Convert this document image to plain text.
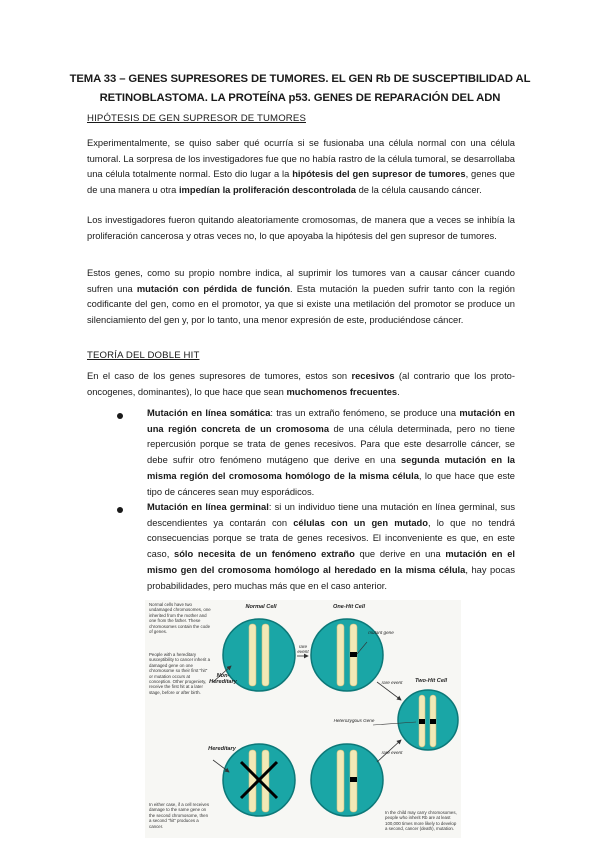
TEMA 33 – GENES SUPRESORES DE TUMORES. EL GEN Rb DE SUSCEPTIBILIDAD AL
RETINOBLASTOMA. LA PROTEÍNA p53. GENES DE REPARACIÓN DEL ADN
HIPÓTESIS DE GEN SUPRESOR DE TUMORES

Experimentalmente, se quiso saber qué ocurría si se fusionaba una célula normal con una célula tumoral. La sorpresa de los investigadores fue que no había rastro de la célula tumoral, se desarrollaba una célula totalmente normal. Esto dio lugar a la hipótesis del gen supresor de tumores, genes que de una manera u otra impedían la proliferación descontrolada de la célula causando cáncer.

Los investigadores fueron quitando aleatoriamente cromosomas, de manera que a veces se inhibía la proliferación cancerosa y otras veces no, lo que apoyaba la hipótesis del gen supresor de tumores.

Estos genes, como su propio nombre indica, al suprimir los tumores van a causar cáncer cuando sufren una mutación con pérdida de función. Esta mutación la pueden sufrir tanto con la región codificante del gen, como en el promotor, ya que si existe una metilación del promotor se produce un silenciamiento del gen y, por lo tanto, una menor expresión de este, produciéndose cáncer.

TEORÍA DEL DOBLE HIT

En el caso de los genes supresores de tumores, estos son recesivos (al contrario que los proto-oncogenes, dominantes), lo que hace que sean muchomenos frecuentes.

Mutación en línea somática: tras un extraño fenómeno, se produce una mutación en una región concreta de un cromosoma de una célula determinada, pero no tiene repercusión porque se trata de genes recesivos. Para que este desarrolle cáncer, se debe sufrir otro fenómeno mutágeno que derive en una segunda mutación en la misma región del cromosoma homólogo de la misma célula, lo que hace que este tipo de cánceres sean muy esporádicos.

Mutación en línea germinal: si un individuo tiene una mutación en línea germinal, sus descendientes ya contarán con células con un gen mutado, lo que no tendrá consecuencias porque se trata de genes recesivos. El inconveniente es que, en este caso, sólo necesita de un fenómeno extraño que derive en una mutación en el mismo gen del cromosoma homólogo al heredado en la misma célula, hay pocas probabilidades, pero muchas más que en el caso anterior.

Normal cells have two undamaged chromosomes, one inherited from the mother and one from the father. These chromosomes contain the code of genes.
People with a hereditary susceptibility to cancer inherit a damaged gene on one chromosome so their first "hit" or mutation occurs at conception. Other progeniety, receive the first hit at a later stage, before or after birth.
In either case, if a cell receives damage to the same gene on the second chromosome, then a second "hit" produces a cancer.
In the child may carry chromosomes, people who inherit Rb are at least 100,000 times more likely to develop a second, cancer (death), mutation.
Normal Cell	One-Hit Cell
Two-Hit Cell
Non-Hereditary
Hereditary
rare event
mutant gene
rare event
Heterozygous Gene
rare event
